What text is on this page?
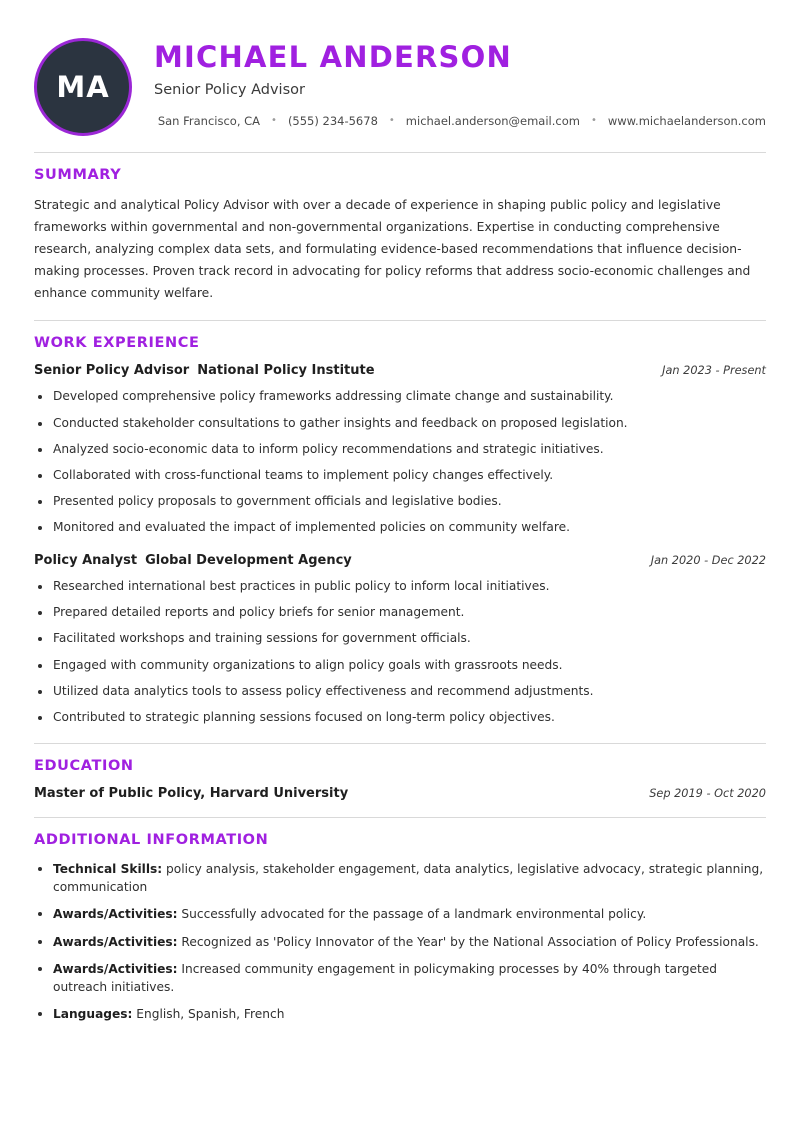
MA
MICHAEL ANDERSON
Senior Policy Advisor
San Francisco, CA	• (555) 234-5678	• michael.anderson@email.com	• www.michaelanderson.com
SUMMARY

Strategic and analytical Policy Advisor with over a decade of experience in shaping public policy and legislative frameworks within governmental and non-governmental organizations. Expertise in conducting comprehensive research, analyzing complex data sets, and formulating evidence-based recommendations that influence decision-making processes. Proven track record in advocating for policy reforms that address socio-economic challenges and enhance community welfare.

WORK EXPERIENCE
Senior Policy Advisor National Policy Institute	Jan 2023 - Present
Developed comprehensive policy frameworks addressing climate change and sustainability.
Conducted stakeholder consultations to gather insights and feedback on proposed legislation.
Analyzed socio-economic data to inform policy recommendations and strategic initiatives.
Collaborated with cross-functional teams to implement policy changes effectively.
Presented policy proposals to government officials and legislative bodies.
Monitored and evaluated the impact of implemented policies on community welfare.
Policy Analyst Global Development Agency	Jan 2020 - Dec 2022
Researched international best practices in public policy to inform local initiatives.
Prepared detailed reports and policy briefs for senior management.
Facilitated workshops and training sessions for government officials.
Engaged with community organizations to align policy goals with grassroots needs.
Utilized data analytics tools to assess policy effectiveness and recommend adjustments.
Contributed to strategic planning sessions focused on long-term policy objectives.
EDUCATION
Master of Public Policy, Harvard University	Sep 2019 - Oct 2020
ADDITIONAL INFORMATION
Technical Skills: policy analysis, stakeholder engagement, data analytics, legislative advocacy, strategic planning, communication
Awards/Activities: Successfully advocated for the passage of a landmark environmental policy.
Awards/Activities: Recognized as 'Policy Innovator of the Year' by the National Association of Policy Professionals.
Awards/Activities: Increased community engagement in policymaking processes by 40% through targeted outreach initiatives.
Languages: English, Spanish, French
